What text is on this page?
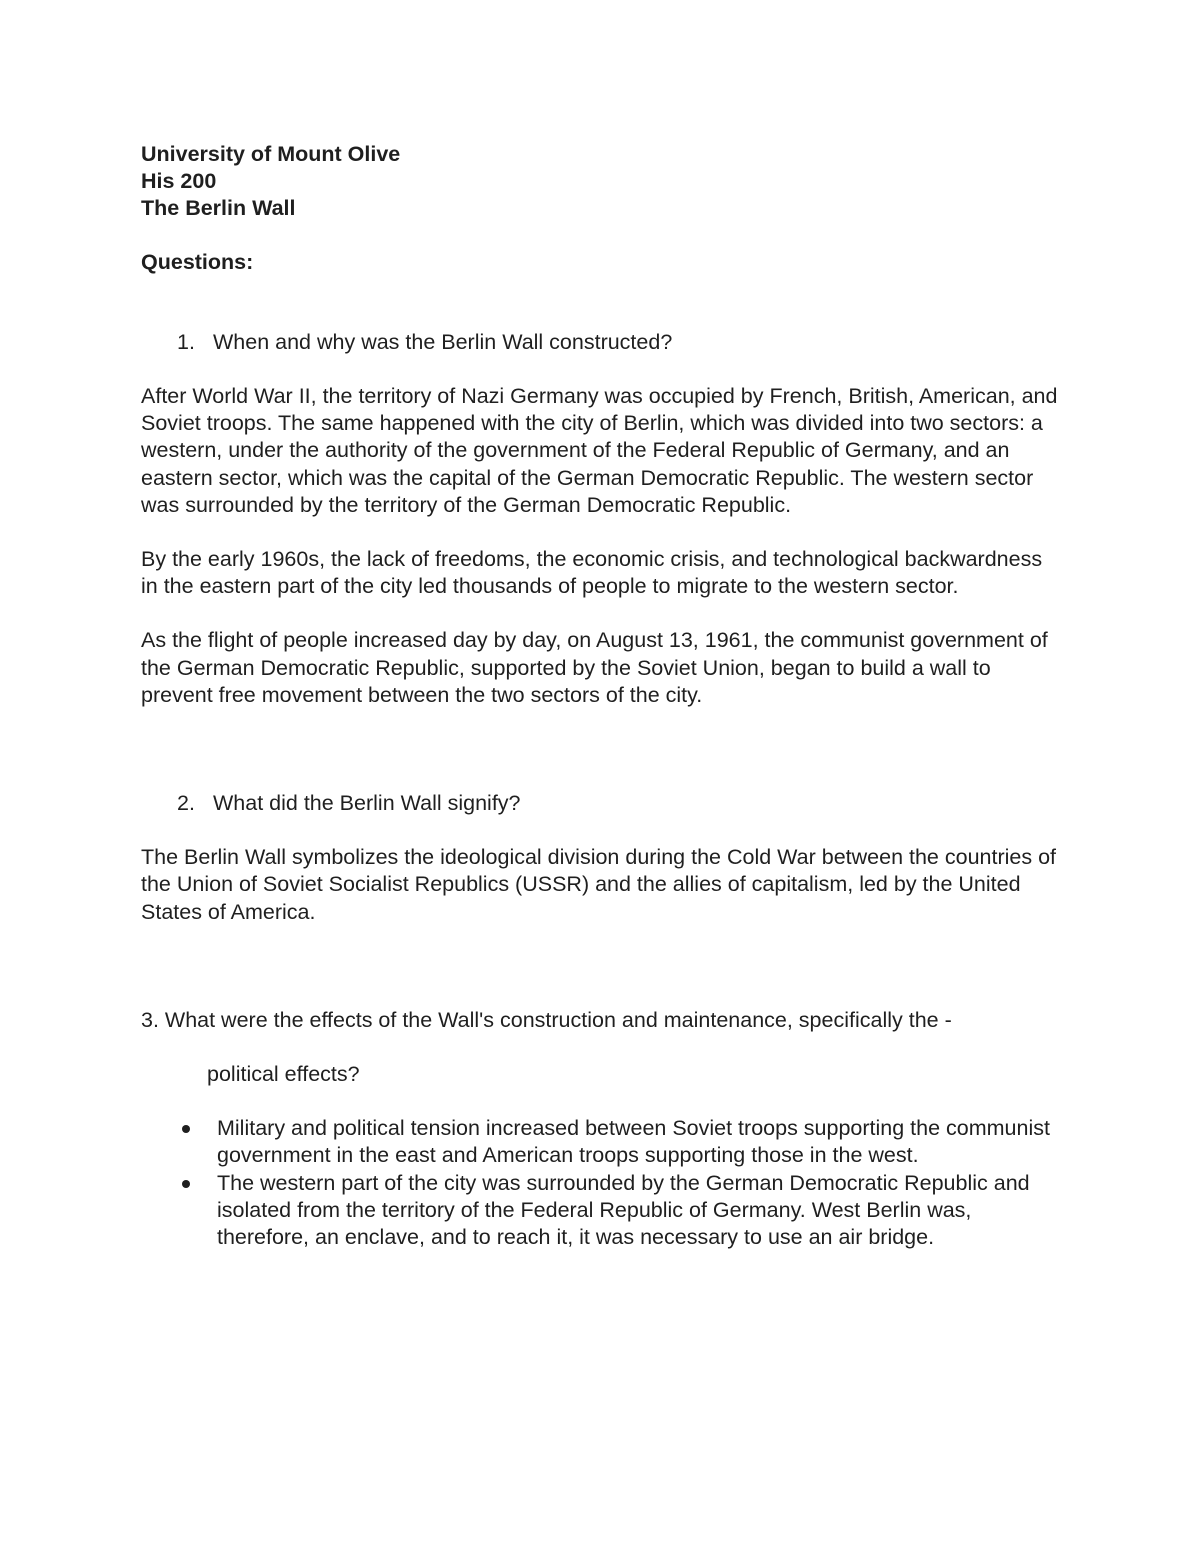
University of Mount Olive

His 200

The Berlin Wall

Questions:

1. When and why was the Berlin Wall constructed?

After World War II, the territory of Nazi Germany was occupied by French, British, American, and Soviet troops. The same happened with the city of Berlin, which was divided into two sectors: a western, under the authority of the government of the Federal Republic of Germany, and an eastern sector, which was the capital of the German Democratic Republic. The western sector was surrounded by the territory of the German Democratic Republic.

By the early 1960s, the lack of freedoms, the economic crisis, and technological backwardness in the eastern part of the city led thousands of people to migrate to the western sector.

As the flight of people increased day by day, on August 13, 1961, the communist government of the German Democratic Republic, supported by the Soviet Union, began to build a wall to prevent free movement between the two sectors of the city.

2. What did the Berlin Wall signify?

The Berlin Wall symbolizes the ideological division during the Cold War between the countries of the Union of Soviet Socialist Republics (USSR) and the allies of capitalism, led by the United States of America.

3. What were the effects of the Wall's construction and maintenance, specifically the -

political effects?

Military and political tension increased between Soviet troops supporting the communist government in the east and American troops supporting those in the west.
The western part of the city was surrounded by the German Democratic Republic and isolated from the territory of the Federal Republic of Germany. West Berlin was, therefore, an enclave, and to reach it, it was necessary to use an air bridge.
